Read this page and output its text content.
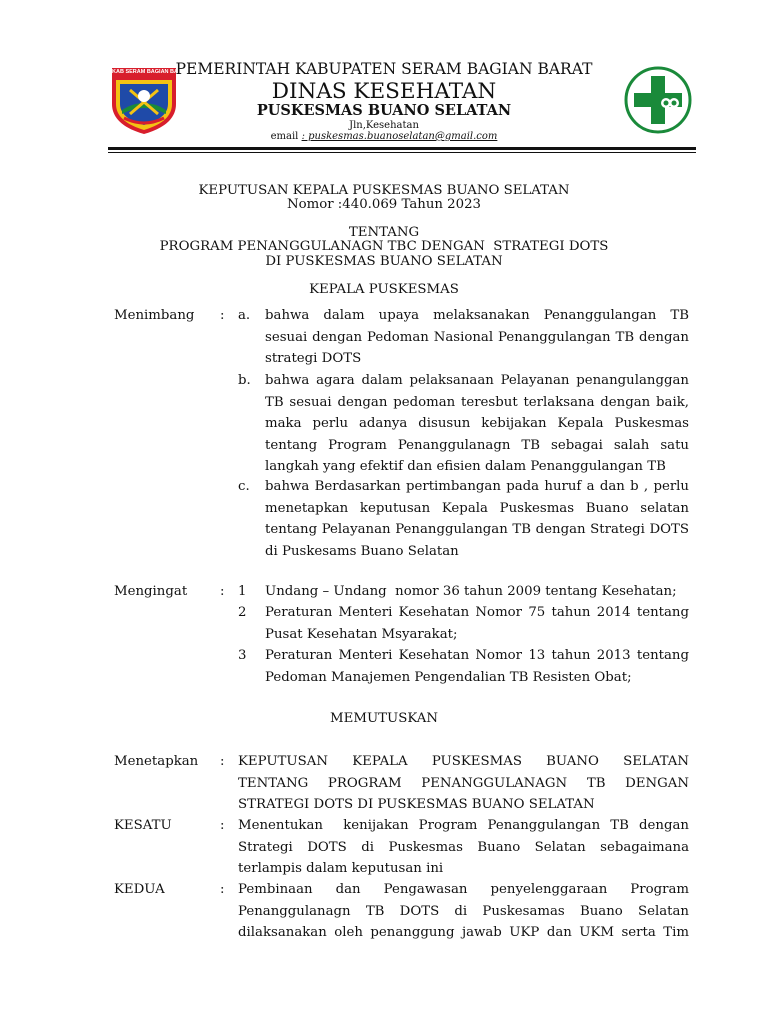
KAB SERAM BAGIAN BARAT
PEMERINTAH KABUPATEN SERAM BAGIAN BARAT
DINAS KESEHATAN
PUSKESMAS BUANO SELATAN
Jln,Kesehatan
email : puskesmas.buanoselatan@gmail.com
KEPUTUSAN KEPALA PUSKESMAS BUANO SELATAN
Nomor :440.069 Tahun 2023
TENTANG
PROGRAM PENANGGULANAGN TBC DENGAN  STRATEGI DOTS
DI PUSKESMAS BUANO SELATAN
KEPALA PUSKESMAS
Menimbang : a. bahwa dalam upaya melaksanakan Penanggulangan TB
sesuai dengan Pedoman Nasional Penanggulangan TB dengan
strategi DOTS
b. bahwa agara dalam pelaksanaan Pelayanan penangulanggan
TB sesuai dengan pedoman teresbut terlaksana dengan baik,
maka perlu adanya disusun kebijakan Kepala Puskesmas
tentang Program Penanggulanagn TB sebagai salah satu
langkah yang efektif dan efisien dalam Penanggulangan TB
c. bahwa Berdasarkan pertimbangan pada huruf a dan b , perlu
menetapkan keputusan Kepala Puskesmas Buano selatan
tentang Pelayanan Penanggulangan TB dengan Strategi DOTS
di Puskesams Buano Selatan
Mengingat : 1 Undang – Undang  nomor 36 tahun 2009 tentang Kesehatan;
2 Peraturan Menteri Kesehatan Nomor 75 tahun 2014 tentang
Pusat Kesehatan Msyarakat;
3 Peraturan Menteri Kesehatan Nomor 13 tahun 2013 tentang
Pedoman Manajemen Pengendalian TB Resisten Obat;
MEMUTUSKAN
Menetapkan : KEPUTUSAN KEPALA PUSKESMAS BUANO SELATAN
TENTANG PROGRAM PENANGGULANAGN TB DENGAN
STRATEGI DOTS DI PUSKESMAS BUANO SELATAN
KESATU	: Menentukan  kenijakan Program Penanggulangan TB dengan
Strategi DOTS di Puskesmas Buano Selatan sebagaimana
terlampis dalam keputusan ini
KEDUA	: Pembinaan dan Pengawasan penyelenggaraan Program
Penanggulanagn TB DOTS di Puskesamas Buano Selatan
dilaksanakan oleh penanggung jawab UKP dan UKM serta Tim
